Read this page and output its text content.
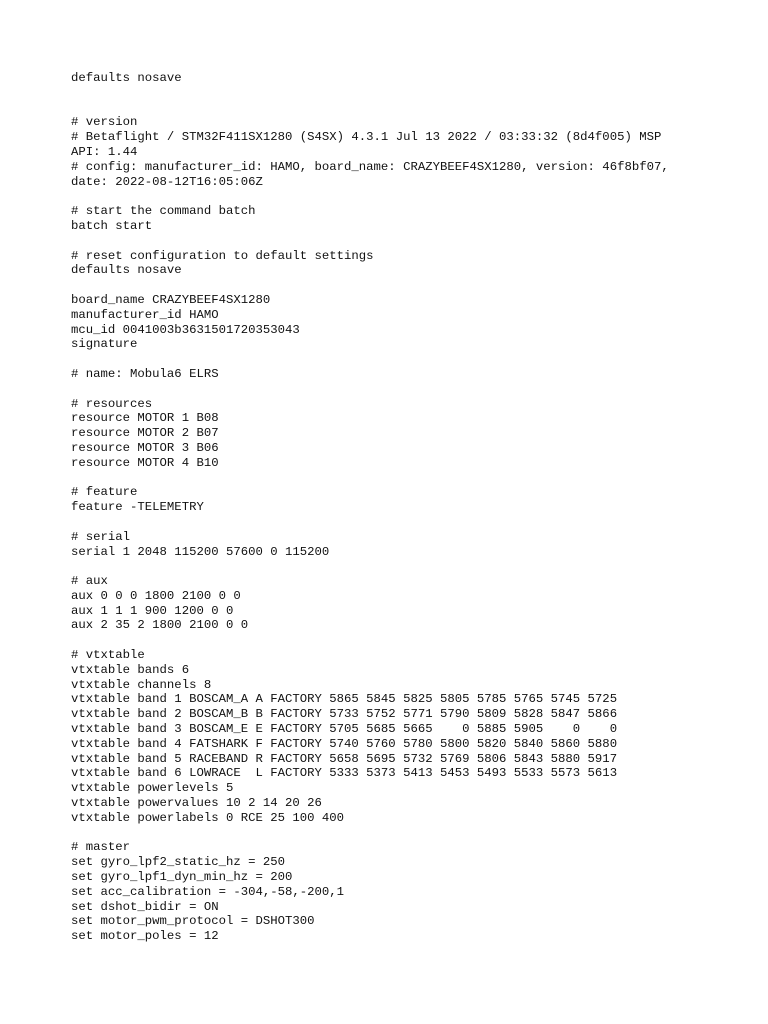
defaults nosave
# version
# Betaflight / STM32F411SX1280 (S4SX) 4.3.1 Jul 13 2022 / 03:33:32 (8d4f005) MSP
API: 1.44
# config: manufacturer_id: HAMO, board_name: CRAZYBEEF4SX1280, version: 46f8bf07,
date: 2022-08-12T16:05:06Z
# start the command batch
batch start
# reset configuration to default settings
defaults nosave
board_name CRAZYBEEF4SX1280
manufacturer_id HAMO
mcu_id 0041003b3631501720353043
signature
# name: Mobula6 ELRS
# resources
resource MOTOR 1 B08
resource MOTOR 2 B07
resource MOTOR 3 B06
resource MOTOR 4 B10
# feature
feature -TELEMETRY
# serial
serial 1 2048 115200 57600 0 115200
# aux
aux 0 0 0 1800 2100 0 0
aux 1 1 1 900 1200 0 0
aux 2 35 2 1800 2100 0 0
# vtxtable
vtxtable bands 6
vtxtable channels 8
vtxtable band 1 BOSCAM_A A FACTORY 5865 5845 5825 5805 5785 5765 5745 5725
vtxtable band 2 BOSCAM_B B FACTORY 5733 5752 5771 5790 5809 5828 5847 5866
vtxtable band 3 BOSCAM_E E FACTORY 5705 5685 5665    0 5885 5905    0    0
vtxtable band 4 FATSHARK F FACTORY 5740 5760 5780 5800 5820 5840 5860 5880
vtxtable band 5 RACEBAND R FACTORY 5658 5695 5732 5769 5806 5843 5880 5917
vtxtable band 6 LOWRACE  L FACTORY 5333 5373 5413 5453 5493 5533 5573 5613
vtxtable powerlevels 5
vtxtable powervalues 10 2 14 20 26
vtxtable powerlabels 0 RCE 25 100 400
# master
set gyro_lpf2_static_hz = 250
set gyro_lpf1_dyn_min_hz = 200
set acc_calibration = -304,-58,-200,1
set dshot_bidir = ON
set motor_pwm_protocol = DSHOT300
set motor_poles = 12
